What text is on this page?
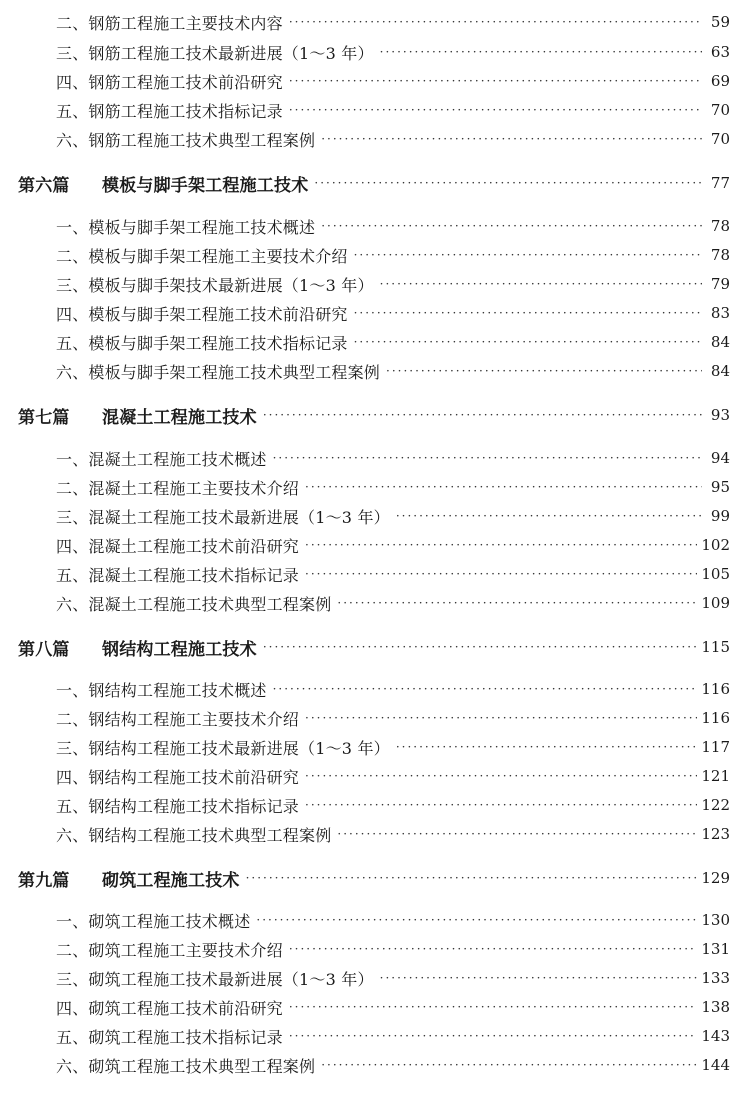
二、钢筋工程施工主要技术内容 ·····	59
三、钢筋工程施工技术最新进展（1～3 年） ·····	63
四、钢筋工程施工技术前沿研究 ·····	69
五、钢筋工程施工技术指标记录 ·····	70
六、钢筋工程施工技术典型工程案例 ·····	70
第六篇 模板与脚手架工程施工技术 ·····	77
一、模板与脚手架工程施工技术概述 ·····	78
二、模板与脚手架工程施工主要技术介绍 ·····	78
三、模板与脚手架技术最新进展（1～3 年） ·····	79
四、模板与脚手架工程施工技术前沿研究 ·····	83
五、模板与脚手架工程施工技术指标记录 ·····	84
六、模板与脚手架工程施工技术典型工程案例 ·····	84
第七篇 混凝土工程施工技术 ·····	93
一、混凝土工程施工技术概述 ·····	94
二、混凝土工程施工主要技术介绍 ·····	95
三、混凝土工程施工技术最新进展（1～3 年） ·····	99
四、混凝土工程施工技术前沿研究 ·····	102
五、混凝土工程施工技术指标记录 ·····	105
六、混凝土工程施工技术典型工程案例 ·····	109
第八篇 钢结构工程施工技术 ·····	115
一、钢结构工程施工技术概述 ·····	116
二、钢结构工程施工主要技术介绍 ·····	116
三、钢结构工程施工技术最新进展（1～3 年） ·····	117
四、钢结构工程施工技术前沿研究 ·····	121
五、钢结构工程施工技术指标记录 ·····	122
六、钢结构工程施工技术典型工程案例 ·····	123
第九篇 砌筑工程施工技术 ·····	129
一、砌筑工程施工技术概述 ·····	130
二、砌筑工程施工主要技术介绍 ·····	131
三、砌筑工程施工技术最新进展（1～3 年） ·····	133
四、砌筑工程施工技术前沿研究 ·····	138
五、砌筑工程施工技术指标记录 ·····	143
六、砌筑工程施工技术典型工程案例 ·····	144
